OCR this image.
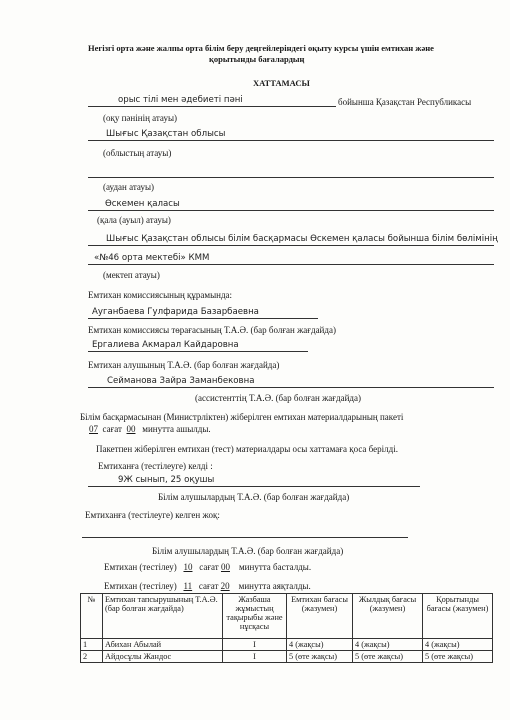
Негізгі орта және жалпы орта білім беру деңгейлеріндегі оқыту курсы үшін емтихан және
қорытынды бағалардың
ХАТТАМАСЫ
орыс тілі мен әдебиеті пәні	бойынша Қазақстан Республикасы
(оқу пәнінің атауы)
Шығыс Қазақстан облысы
(облыстың атауы)
(аудан атауы)
Өскемен қаласы
(қала (ауыл) атауы)
Шығыс Қазақстан облысы білім басқармасы Өскемен қаласы бойынша білім бөлімінің
«№46 орта мектебі» КММ
(мектеп атауы)
Емтихан комиссиясының құрамында:
Ауганбаева Гулфарида Базарбаевна
Емтихан комиссиясы төрағасының Т.А.Ә. (бар болған жағдайда)
Ергалиева Акмарал Кайдаровна
Емтихан алушының Т.А.Ә. (бар болған жағдайда)
Сейманова Зайра Заманбековна
(ассистенттің Т.А.Ә. (бар болған жағдайда)
Білім басқармасынан (Министрліктен) жіберілген емтихан материалдарының пакеті
07 сағат 00 минутта ашылды.
Пакетпен жіберілген емтихан (тест) материалдары осы хаттамаға қоса берілді.
Емтиханға (тестілеуге) келді :
9Ж сынып, 25 оқушы
Білім алушылардың Т.А.Ә. (бар болған жағдайда)
Емтиханға (тестілеуге) келген жоқ:
Білім алушылардың Т.А.Ә. (бар болған жағдайда)
Емтихан (тестілеу) 10 сағат 00 минутта басталды.
Емтихан (тестілеу) 11 сағат 20 минутта аяқталды.
№	Емтихан тапсырушының Т.А.Ә. (бар болған жағдайда)	Жазбаша жұмыстың тақырыбы және нұсқасы	Емтихан бағасы (жазумен)	Жылдық бағасы (жазумен)	Қорытынды бағасы (жазумен)
1	Абихан Абылай	I	4 (жақсы)	4 (жақсы)	4 (жақсы)
2	Айдосұлы Жандос	I	5 (өте жақсы)	5 (өте жақсы)	5 (өте жақсы)
